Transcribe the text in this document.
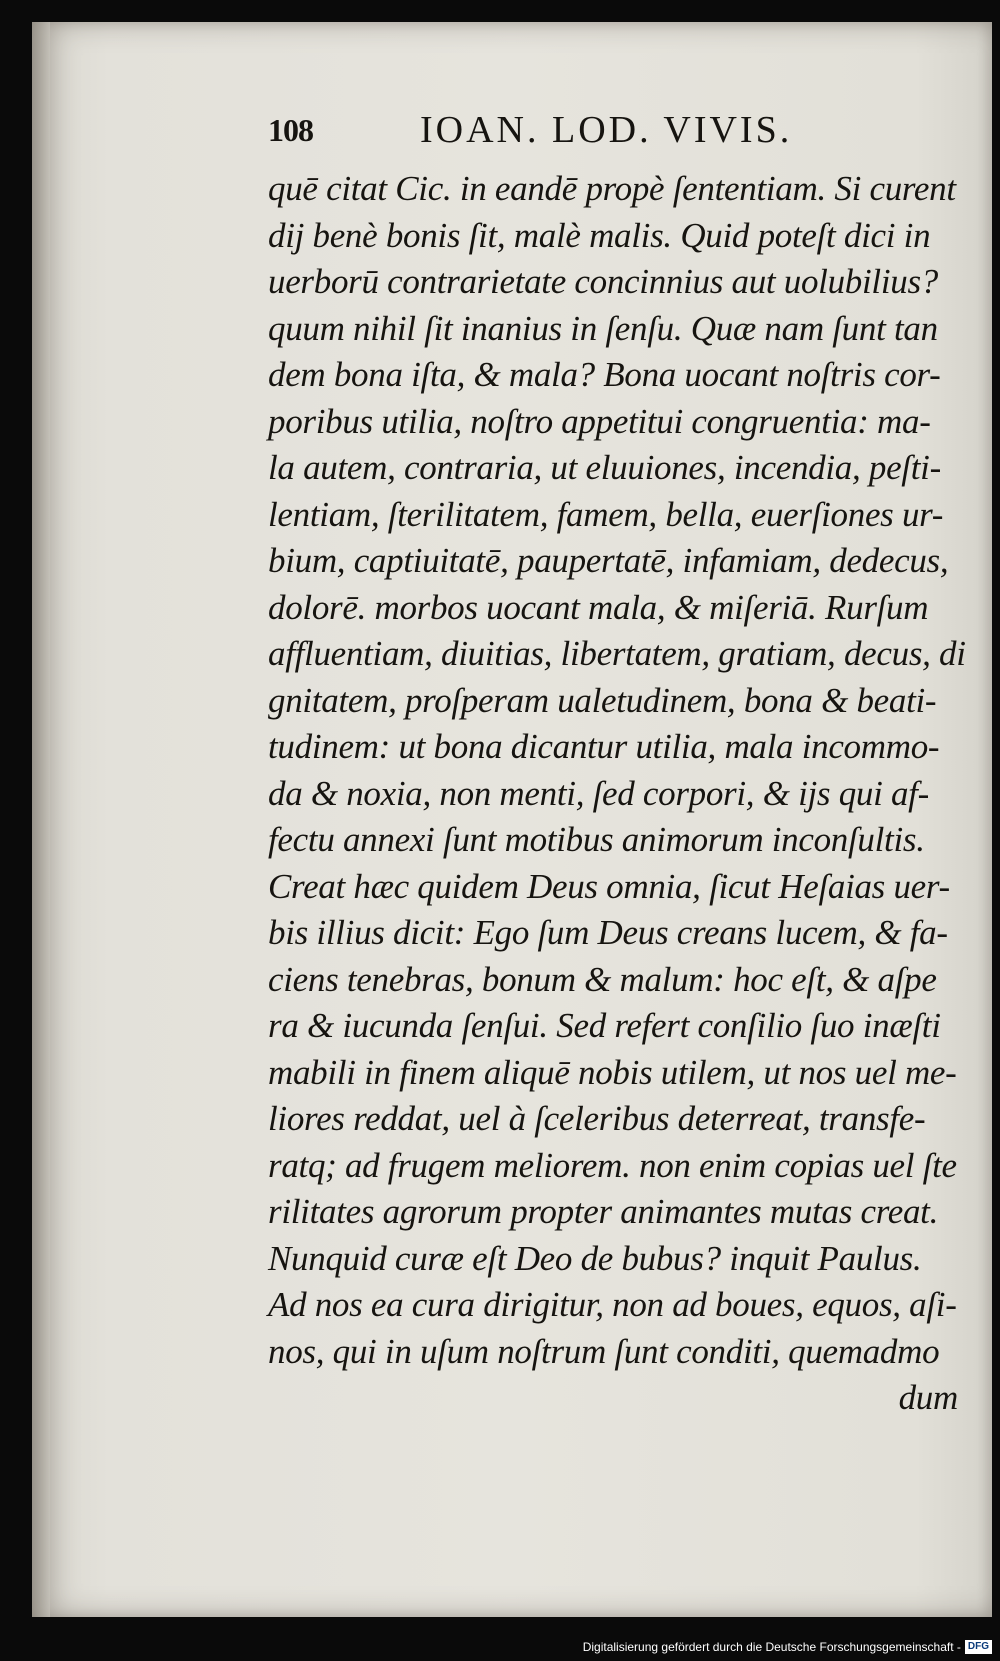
108	IOAN. LOD. VIVIS.
quē citat Cic. in eandē propè ſententiam. Si curent
dij benè bonis ſit, malè malis. Quid poteſt dici in
uerborū contrarietate concinnius aut uolubilius?
quum nihil ſit inanius in ſenſu. Quæ nam ſunt tan
dem bona iſta, & mala? Bona uocant noſtris cor-
poribus utilia, noſtro appetitui congruentia: ma-
la autem, contraria, ut eluuiones, incendia, peſti-
lentiam, ſterilitatem, famem, bella, euerſiones ur-
bium, captiuitatē, paupertatē, infamiam, dedecus,
dolorē. morbos uocant mala, & miſeriā. Rurſum
affluentiam, diuitias, libertatem, gratiam, decus, di
gnitatem, proſperam ualetudinem, bona & beati-
tudinem: ut bona dicantur utilia, mala incommo-
da & noxia, non menti, ſed corpori, & ijs qui af-
fectu annexi ſunt motibus animorum inconſultis.
Creat hæc quidem Deus omnia, ſicut Heſaias uer-
bis illius dicit: Ego ſum Deus creans lucem, & fa-
ciens tenebras, bonum & malum: hoc eſt, & aſpe
ra & iucunda ſenſui. Sed refert conſilio ſuo inæſti
mabili in finem aliquē nobis utilem, ut nos uel me-
liores reddat, uel à ſceleribus deterreat, transfe-
ratq; ad frugem meliorem. non enim copias uel ſte
rilitates agrorum propter animantes mutas creat.
Nunquid curæ eſt Deo de bubus? inquit Paulus.
Ad nos ea cura dirigitur, non ad boues, equos, aſi-
nos, qui in uſum noſtrum ſunt conditi, quemadmo
dum
Digitalisierung gefördert durch die Deutsche Forschungsgemeinschaft - DFG
